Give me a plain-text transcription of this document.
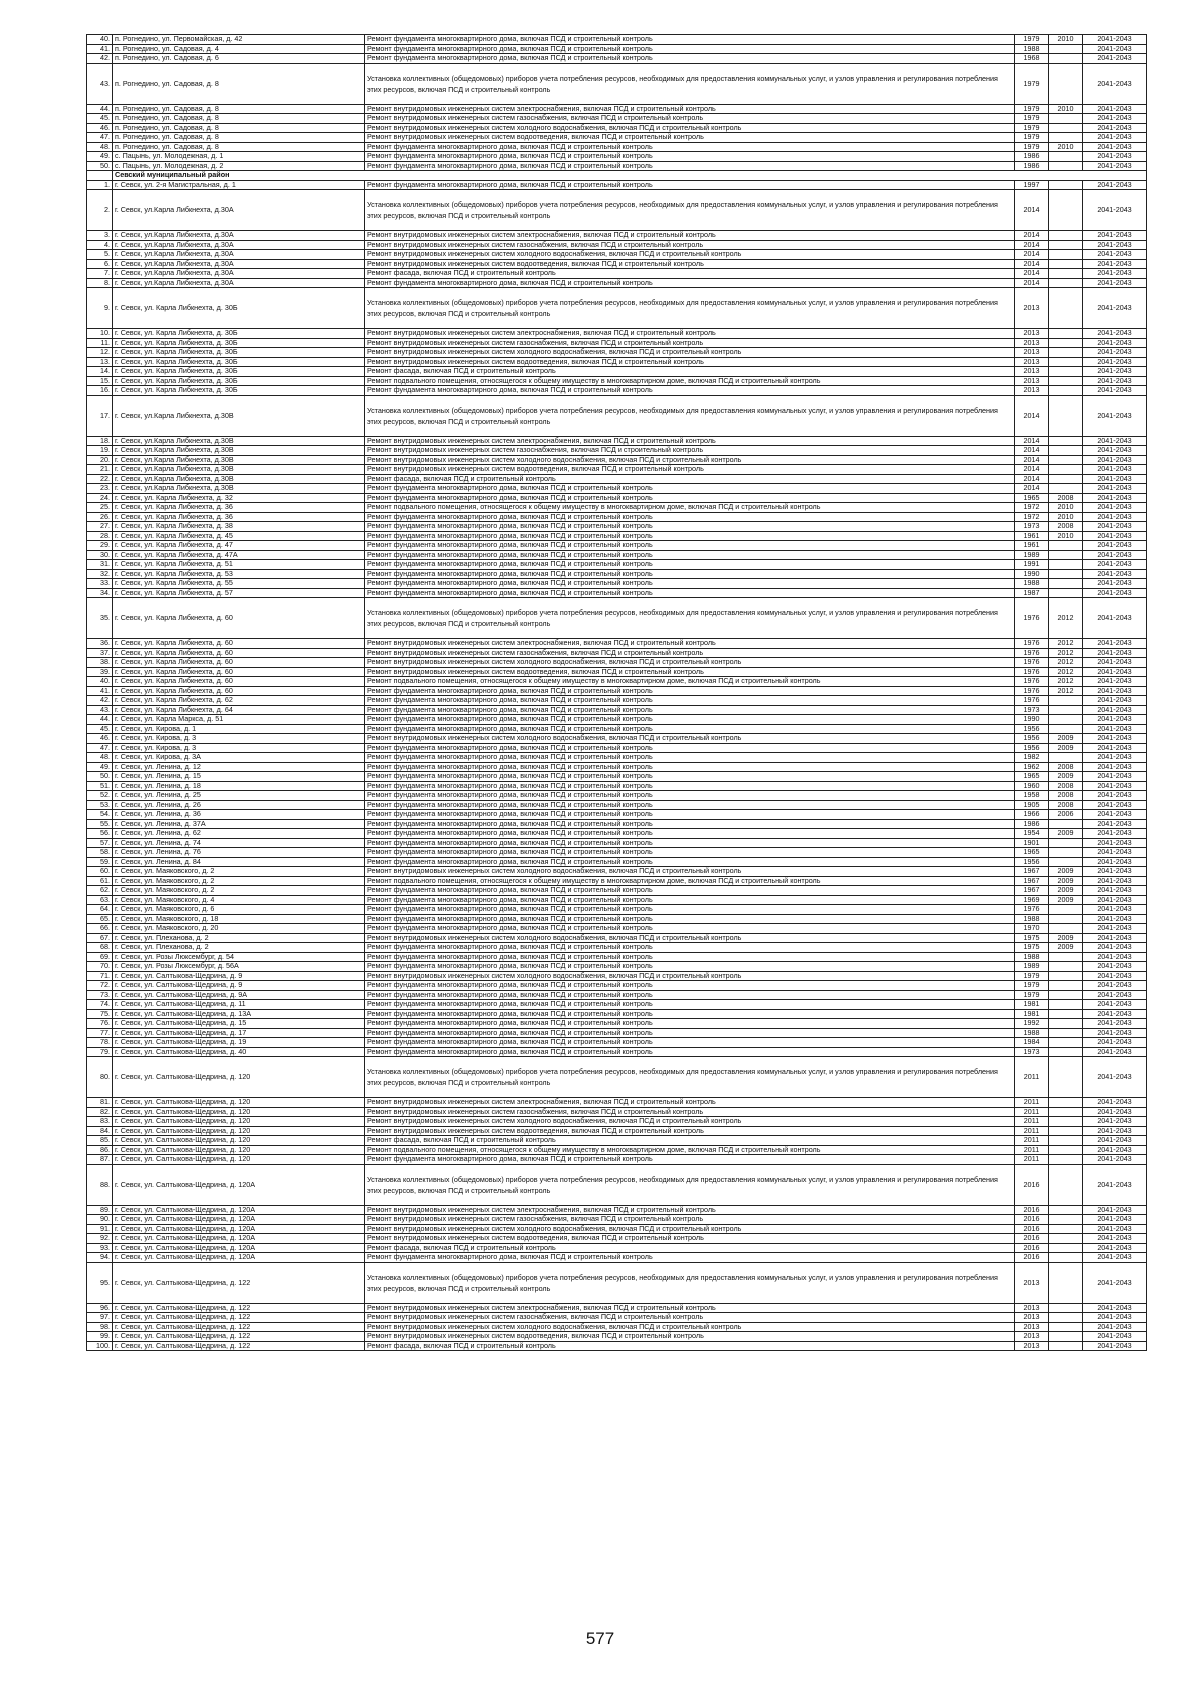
40.	п. Рогнедино, ул. Первомайская, д. 42	Ремонт фундамента многоквартирного дома, включая ПСД и строительный контроль	1979	2010	2041-2043
41.	п. Рогнедино, ул. Садовая, д. 4	Ремонт фундамента многоквартирного дома, включая ПСД и строительный контроль	1988		2041-2043
42.	п. Рогнедино, ул. Садовая, д. 6	Ремонт фундамента многоквартирного дома, включая ПСД и строительный контроль	1968		2041-2043
43.	п. Рогнедино, ул. Садовая, д. 8	Установка коллективных (общедомовых) приборов учета потребления ресурсов, необходимых для предоставления коммунальных услуг, и узлов управления и регулирования потребления этих ресурсов, включая ПСД и строительный контроль	1979		2041-2043
44.	п. Рогнедино, ул. Садовая, д. 8	Ремонт внутридомовых инженерных систем электроснабжения, включая ПСД и строительный контроль	1979	2010	2041-2043
45.	п. Рогнедино, ул. Садовая, д. 8	Ремонт внутридомовых инженерных систем газоснабжения, включая ПСД и строительный контроль	1979		2041-2043
46.	п. Рогнедино, ул. Садовая, д. 8	Ремонт внутридомовых инженерных систем холодного водоснабжения, включая ПСД и строительный контроль	1979		2041-2043
47.	п. Рогнедино, ул. Садовая, д. 8	Ремонт внутридомовых инженерных систем водоотведения, включая ПСД и строительный контроль	1979		2041-2043
48.	п. Рогнедино, ул. Садовая, д. 8	Ремонт фундамента многоквартирного дома, включая ПСД и строительный контроль	1979	2010	2041-2043
49.	с. Пацынь, ул. Молодежная, д. 1	Ремонт фундамента многоквартирного дома, включая ПСД и строительный контроль	1986		2041-2043
50.	с. Пацынь, ул. Молодежная, д. 2	Ремонт фундамента многоквартирного дома, включая ПСД и строительный контроль	1986		2041-2043
	Севский муниципальный район				
1.	г. Севск, ул. 2-я Магистральная, д. 1	Ремонт фундамента многоквартирного дома, включая ПСД и строительный контроль	1997		2041-2043
2.	г. Севск, ул.Карла Либкнехта, д.30А	Установка коллективных (общедомовых) приборов учета потребления ресурсов, необходимых для предоставления коммунальных услуг, и узлов управления и регулирования потребления этих ресурсов, включая ПСД и строительный контроль	2014		2041-2043
3.	г. Севск, ул.Карла Либкнехта, д.30А	Ремонт внутридомовых инженерных систем электроснабжения, включая ПСД и строительный контроль	2014		2041-2043
4.	г. Севск, ул.Карла Либкнехта, д.30А	Ремонт внутридомовых инженерных систем газоснабжения, включая ПСД и строительный контроль	2014		2041-2043
5.	г. Севск, ул.Карла Либкнехта, д.30А	Ремонт внутридомовых инженерных систем холодного водоснабжения, включая ПСД и строительный контроль	2014		2041-2043
6.	г. Севск, ул.Карла Либкнехта, д.30А	Ремонт внутридомовых инженерных систем водоотведения, включая ПСД и строительный контроль	2014		2041-2043
7.	г. Севск, ул.Карла Либкнехта, д.30А	Ремонт фасада, включая ПСД и строительный контроль	2014		2041-2043
8.	г. Севск, ул.Карла Либкнехта, д.30А	Ремонт фундамента многоквартирного дома, включая ПСД и строительный контроль	2014		2041-2043
9.	г. Севск, ул. Карла Либкнехта, д. 30Б	Установка коллективных (общедомовых) приборов учета потребления ресурсов, необходимых для предоставления коммунальных услуг, и узлов управления и регулирования потребления этих ресурсов, включая ПСД и строительный контроль	2013		2041-2043
10.	г. Севск, ул. Карла Либкнехта, д. 30Б	Ремонт внутридомовых инженерных систем электроснабжения, включая ПСД и строительный контроль	2013		2041-2043
11.	г. Севск, ул. Карла Либкнехта, д. 30Б	Ремонт внутридомовых инженерных систем газоснабжения, включая ПСД и строительный контроль	2013		2041-2043
12.	г. Севск, ул. Карла Либкнехта, д. 30Б	Ремонт внутридомовых инженерных систем холодного водоснабжения, включая ПСД и строительный контроль	2013		2041-2043
13.	г. Севск, ул. Карла Либкнехта, д. 30Б	Ремонт внутридомовых инженерных систем водоотведения, включая ПСД и строительный контроль	2013		2041-2043
14.	г. Севск, ул. Карла Либкнехта, д. 30Б	Ремонт фасада, включая ПСД и строительный контроль	2013		2041-2043
15.	г. Севск, ул. Карла Либкнехта, д. 30Б	Ремонт подвального помещения, относящегося к общему имуществу в многоквартирном доме, включая ПСД и строительный контроль	2013		2041-2043
16.	г. Севск, ул. Карла Либкнехта, д. 30Б	Ремонт фундамента многоквартирного дома, включая ПСД и строительный контроль	2013		2041-2043
17.	г. Севск, ул.Карла Либкнехта, д.30В	Установка коллективных (общедомовых) приборов учета потребления ресурсов, необходимых для предоставления коммунальных услуг, и узлов управления и регулирования потребления этих ресурсов, включая ПСД и строительный контроль	2014		2041-2043
18.	г. Севск, ул.Карла Либкнехта, д.30В	Ремонт внутридомовых инженерных систем электроснабжения, включая ПСД и строительный контроль	2014		2041-2043
19.	г. Севск, ул.Карла Либкнехта, д.30В	Ремонт внутридомовых инженерных систем газоснабжения, включая ПСД и строительный контроль	2014		2041-2043
20.	г. Севск, ул.Карла Либкнехта, д.30В	Ремонт внутридомовых инженерных систем холодного водоснабжения, включая ПСД и строительный контроль	2014		2041-2043
21.	г. Севск, ул.Карла Либкнехта, д.30В	Ремонт внутридомовых инженерных систем водоотведения, включая ПСД и строительный контроль	2014		2041-2043
22.	г. Севск, ул.Карла Либкнехта, д.30В	Ремонт фасада, включая ПСД и строительный контроль	2014		2041-2043
23.	г. Севск, ул.Карла Либкнехта, д.30В	Ремонт фундамента многоквартирного дома, включая ПСД и строительный контроль	2014		2041-2043
24.	г. Севск, ул. Карла Либкнехта, д. 32	Ремонт фундамента многоквартирного дома, включая ПСД и строительный контроль	1965	2008	2041-2043
25.	г. Севск, ул. Карла Либкнехта, д. 36	Ремонт подвального помещения, относящегося к общему имуществу в многоквартирном доме, включая ПСД и строительный контроль	1972	2010	2041-2043
26.	г. Севск, ул. Карла Либкнехта, д. 36	Ремонт фундамента многоквартирного дома, включая ПСД и строительный контроль	1972	2010	2041-2043
27.	г. Севск, ул. Карла Либкнехта, д. 38	Ремонт фундамента многоквартирного дома, включая ПСД и строительный контроль	1973	2008	2041-2043
28.	г. Севск, ул. Карла Либкнехта, д. 45	Ремонт фундамента многоквартирного дома, включая ПСД и строительный контроль	1961	2010	2041-2043
29.	г. Севск, ул. Карла Либкнехта, д. 47	Ремонт фундамента многоквартирного дома, включая ПСД и строительный контроль	1961		2041-2043
30.	г. Севск, ул. Карла Либкнехта, д. 47А	Ремонт фундамента многоквартирного дома, включая ПСД и строительный контроль	1989		2041-2043
31.	г. Севск, ул. Карла Либкнехта, д. 51	Ремонт фундамента многоквартирного дома, включая ПСД и строительный контроль	1991		2041-2043
32.	г. Севск, ул. Карла Либкнехта, д. 53	Ремонт фундамента многоквартирного дома, включая ПСД и строительный контроль	1990		2041-2043
33.	г. Севск, ул. Карла Либкнехта, д. 55	Ремонт фундамента многоквартирного дома, включая ПСД и строительный контроль	1988		2041-2043
34.	г. Севск, ул. Карла Либкнехта, д. 57	Ремонт фундамента многоквартирного дома, включая ПСД и строительный контроль	1987		2041-2043
35.	г. Севск, ул. Карла Либкнехта, д. 60	Установка коллективных (общедомовых) приборов учета потребления ресурсов, необходимых для предоставления коммунальных услуг, и узлов управления и регулирования потребления этих ресурсов, включая ПСД и строительный контроль	1976	2012	2041-2043
36.	г. Севск, ул. Карла Либкнехта, д. 60	Ремонт внутридомовых инженерных систем электроснабжения, включая ПСД и строительный контроль	1976	2012	2041-2043
37.	г. Севск, ул. Карла Либкнехта, д. 60	Ремонт внутридомовых инженерных систем газоснабжения, включая ПСД и строительный контроль	1976	2012	2041-2043
38.	г. Севск, ул. Карла Либкнехта, д. 60	Ремонт внутридомовых инженерных систем холодного водоснабжения, включая ПСД и строительный контроль	1976	2012	2041-2043
39.	г. Севск, ул. Карла Либкнехта, д. 60	Ремонт внутридомовых инженерных систем водоотведения, включая ПСД и строительный контроль	1976	2012	2041-2043
40.	г. Севск, ул. Карла Либкнехта, д. 60	Ремонт подвального помещения, относящегося к общему имуществу в многоквартирном доме, включая ПСД и строительный контроль	1976	2012	2041-2043
41.	г. Севск, ул. Карла Либкнехта, д. 60	Ремонт фундамента многоквартирного дома, включая ПСД и строительный контроль	1976	2012	2041-2043
42.	г. Севск, ул. Карла Либкнехта, д. 62	Ремонт фундамента многоквартирного дома, включая ПСД и строительный контроль	1976		2041-2043
43.	г. Севск, ул. Карла Либкнехта, д. 64	Ремонт фундамента многоквартирного дома, включая ПСД и строительный контроль	1973		2041-2043
44.	г. Севск, ул. Карла Маркса, д. 51	Ремонт фундамента многоквартирного дома, включая ПСД и строительный контроль	1990		2041-2043
45.	г. Севск, ул. Кирова, д. 1	Ремонт фундамента многоквартирного дома, включая ПСД и строительный контроль	1956		2041-2043
46.	г. Севск, ул. Кирова, д. 3	Ремонт внутридомовых инженерных систем холодного водоснабжения, включая ПСД и строительный контроль	1956	2009	2041-2043
47.	г. Севск, ул. Кирова, д. 3	Ремонт фундамента многоквартирного дома, включая ПСД и строительный контроль	1956	2009	2041-2043
48.	г. Севск, ул. Кирова, д. 3А	Ремонт фундамента многоквартирного дома, включая ПСД и строительный контроль	1982		2041-2043
49.	г. Севск, ул. Ленина, д. 12	Ремонт фундамента многоквартирного дома, включая ПСД и строительный контроль	1962	2008	2041-2043
50.	г. Севск, ул. Ленина, д. 15	Ремонт фундамента многоквартирного дома, включая ПСД и строительный контроль	1965	2009	2041-2043
51.	г. Севск, ул. Ленина, д. 18	Ремонт фундамента многоквартирного дома, включая ПСД и строительный контроль	1960	2008	2041-2043
52.	г. Севск, ул. Ленина, д. 25	Ремонт фундамента многоквартирного дома, включая ПСД и строительный контроль	1958	2008	2041-2043
53.	г. Севск, ул. Ленина, д. 26	Ремонт фундамента многоквартирного дома, включая ПСД и строительный контроль	1905	2008	2041-2043
54.	г. Севск, ул. Ленина, д. 36	Ремонт фундамента многоквартирного дома, включая ПСД и строительный контроль	1966	2006	2041-2043
55.	г. Севск, ул. Ленина, д. 37А	Ремонт фундамента многоквартирного дома, включая ПСД и строительный контроль	1986		2041-2043
56.	г. Севск, ул. Ленина, д. 62	Ремонт фундамента многоквартирного дома, включая ПСД и строительный контроль	1954	2009	2041-2043
57.	г. Севск, ул. Ленина, д. 74	Ремонт фундамента многоквартирного дома, включая ПСД и строительный контроль	1901		2041-2043
58.	г. Севск, ул. Ленина, д. 76	Ремонт фундамента многоквартирного дома, включая ПСД и строительный контроль	1965		2041-2043
59.	г. Севск, ул. Ленина, д. 84	Ремонт фундамента многоквартирного дома, включая ПСД и строительный контроль	1956		2041-2043
60.	г. Севск, ул. Маяковского, д. 2	Ремонт внутридомовых инженерных систем холодного водоснабжения, включая ПСД и строительный контроль	1967	2009	2041-2043
61.	г. Севск, ул. Маяковского, д. 2	Ремонт подвального помещения, относящегося к общему имуществу в многоквартирном доме, включая ПСД и строительный контроль	1967	2009	2041-2043
62.	г. Севск, ул. Маяковского, д. 2	Ремонт фундамента многоквартирного дома, включая ПСД и строительный контроль	1967	2009	2041-2043
63.	г. Севск, ул. Маяковского, д. 4	Ремонт фундамента многоквартирного дома, включая ПСД и строительный контроль	1969	2009	2041-2043
64.	г. Севск, ул. Маяковского, д. 6	Ремонт фундамента многоквартирного дома, включая ПСД и строительный контроль	1976		2041-2043
65.	г. Севск, ул. Маяковского, д. 18	Ремонт фундамента многоквартирного дома, включая ПСД и строительный контроль	1988		2041-2043
66.	г. Севск, ул. Маяковского, д. 20	Ремонт фундамента многоквартирного дома, включая ПСД и строительный контроль	1970		2041-2043
67.	г. Севск, ул. Плеханова, д. 2	Ремонт внутридомовых инженерных систем холодного водоснабжения, включая ПСД и строительный контроль	1975	2009	2041-2043
68.	г. Севск, ул. Плеханова, д. 2	Ремонт фундамента многоквартирного дома, включая ПСД и строительный контроль	1975	2009	2041-2043
69.	г. Севск, ул. Розы Люксембург, д. 54	Ремонт фундамента многоквартирного дома, включая ПСД и строительный контроль	1988		2041-2043
70.	г. Севск, ул. Розы Люксембург, д. 56А	Ремонт фундамента многоквартирного дома, включая ПСД и строительный контроль	1989		2041-2043
71.	г. Севск, ул. Салтыкова-Щедрина, д. 9	Ремонт внутридомовых инженерных систем холодного водоснабжения, включая ПСД и строительный контроль	1979		2041-2043
72.	г. Севск, ул. Салтыкова-Щедрина, д. 9	Ремонт фундамента многоквартирного дома, включая ПСД и строительный контроль	1979		2041-2043
73.	г. Севск, ул. Салтыкова-Щедрина, д. 9А	Ремонт фундамента многоквартирного дома, включая ПСД и строительный контроль	1979		2041-2043
74.	г. Севск, ул. Салтыкова-Щедрина, д. 11	Ремонт фундамента многоквартирного дома, включая ПСД и строительный контроль	1981		2041-2043
75.	г. Севск, ул. Салтыкова-Щедрина, д. 13А	Ремонт фундамента многоквартирного дома, включая ПСД и строительный контроль	1981		2041-2043
76.	г. Севск, ул. Салтыкова-Щедрина, д. 15	Ремонт фундамента многоквартирного дома, включая ПСД и строительный контроль	1992		2041-2043
77.	г. Севск, ул. Салтыкова-Щедрина, д. 17	Ремонт фундамента многоквартирного дома, включая ПСД и строительный контроль	1988		2041-2043
78.	г. Севск, ул. Салтыкова-Щедрина, д. 19	Ремонт фундамента многоквартирного дома, включая ПСД и строительный контроль	1984		2041-2043
79.	г. Севск, ул. Салтыкова-Щедрина, д. 40	Ремонт фундамента многоквартирного дома, включая ПСД и строительный контроль	1973		2041-2043
80.	г. Севск, ул. Салтыкова-Щедрина, д. 120	Установка коллективных (общедомовых) приборов учета потребления ресурсов, необходимых для предоставления коммунальных услуг, и узлов управления и регулирования потребления этих ресурсов, включая ПСД и строительный контроль	2011		2041-2043
81.	г. Севск, ул. Салтыкова-Щедрина, д. 120	Ремонт внутридомовых инженерных систем электроснабжения, включая ПСД и строительный контроль	2011		2041-2043
82.	г. Севск, ул. Салтыкова-Щедрина, д. 120	Ремонт внутридомовых инженерных систем газоснабжения, включая ПСД и строительный контроль	2011		2041-2043
83.	г. Севск, ул. Салтыкова-Щедрина, д. 120	Ремонт внутридомовых инженерных систем холодного водоснабжения, включая ПСД и строительный контроль	2011		2041-2043
84.	г. Севск, ул. Салтыкова-Щедрина, д. 120	Ремонт внутридомовых инженерных систем водоотведения, включая ПСД и строительный контроль	2011		2041-2043
85.	г. Севск, ул. Салтыкова-Щедрина, д. 120	Ремонт фасада, включая ПСД и строительный контроль	2011		2041-2043
86.	г. Севск, ул. Салтыкова-Щедрина, д. 120	Ремонт подвального помещения, относящегося к общему имуществу в многоквартирном доме, включая ПСД и строительный контроль	2011		2041-2043
87.	г. Севск, ул. Салтыкова-Щедрина, д. 120	Ремонт фундамента многоквартирного дома, включая ПСД и строительный контроль	2011		2041-2043
88.	г. Севск, ул. Салтыкова-Щедрина, д. 120А	Установка коллективных (общедомовых) приборов учета потребления ресурсов, необходимых для предоставления коммунальных услуг, и узлов управления и регулирования потребления этих ресурсов, включая ПСД и строительный контроль	2016		2041-2043
89.	г. Севск, ул. Салтыкова-Щедрина, д. 120А	Ремонт внутридомовых инженерных систем электроснабжения, включая ПСД и строительный контроль	2016		2041-2043
90.	г. Севск, ул. Салтыкова-Щедрина, д. 120А	Ремонт внутридомовых инженерных систем газоснабжения, включая ПСД и строительный контроль	2016		2041-2043
91.	г. Севск, ул. Салтыкова-Щедрина, д. 120А	Ремонт внутридомовых инженерных систем холодного водоснабжения, включая ПСД и строительный контроль	2016		2041-2043
92.	г. Севск, ул. Салтыкова-Щедрина, д. 120А	Ремонт внутридомовых инженерных систем водоотведения, включая ПСД и строительный контроль	2016		2041-2043
93.	г. Севск, ул. Салтыкова-Щедрина, д. 120А	Ремонт фасада, включая ПСД и строительный контроль	2016		2041-2043
94.	г. Севск, ул. Салтыкова-Щедрина, д. 120А	Ремонт фундамента многоквартирного дома, включая ПСД и строительный контроль	2016		2041-2043
95.	г. Севск, ул. Салтыкова-Щедрина, д. 122	Установка коллективных (общедомовых) приборов учета потребления ресурсов, необходимых для предоставления коммунальных услуг, и узлов управления и регулирования потребления этих ресурсов, включая ПСД и строительный контроль	2013		2041-2043
96.	г. Севск, ул. Салтыкова-Щедрина, д. 122	Ремонт внутридомовых инженерных систем электроснабжения, включая ПСД и строительный контроль	2013		2041-2043
97.	г. Севск, ул. Салтыкова-Щедрина, д. 122	Ремонт внутридомовых инженерных систем газоснабжения, включая ПСД и строительный контроль	2013		2041-2043
98.	г. Севск, ул. Салтыкова-Щедрина, д. 122	Ремонт внутридомовых инженерных систем холодного водоснабжения, включая ПСД и строительный контроль	2013		2041-2043
99.	г. Севск, ул. Салтыкова-Щедрина, д. 122	Ремонт внутридомовых инженерных систем водоотведения, включая ПСД и строительный контроль	2013		2041-2043
100.	г. Севск, ул. Салтыкова-Щедрина, д. 122	Ремонт фасада, включая ПСД и строительный контроль	2013		2041-2043
577
